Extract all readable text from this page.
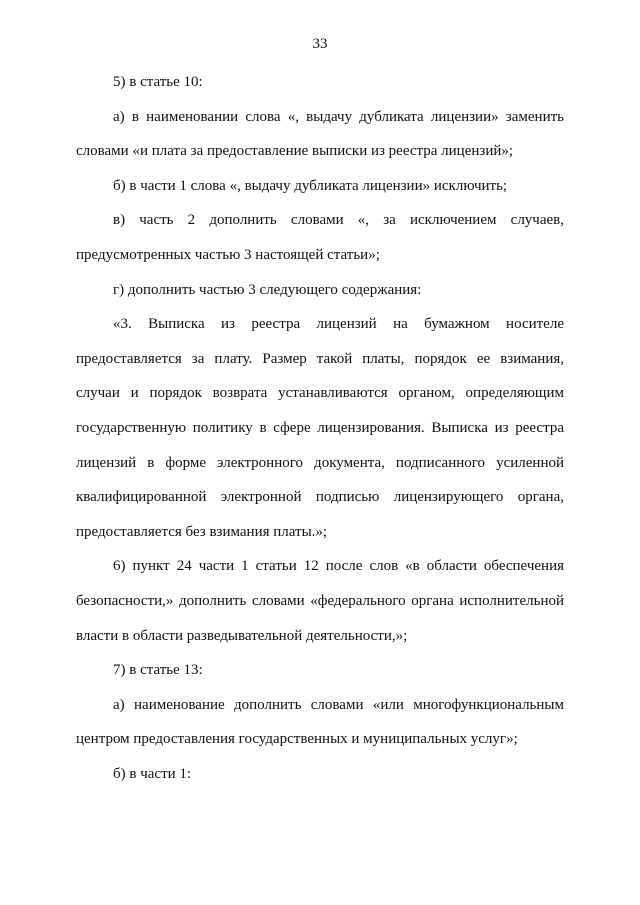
33

5) в статье 10:

а) в наименовании слова «, выдачу дубликата лицензии» заменить

словами «и плата за предоставление выписки из реестра лицензий»;

б) в части 1 слова «, выдачу дубликата лицензии» исключить;

в) часть 2 дополнить словами «, за исключением случаев,

предусмотренных частью 3 настоящей статьи»;

г) дополнить частью 3 следующего содержания:

«3. Выписка из реестра лицензий на бумажном носителе

предоставляется за плату. Размер такой платы, порядок ее взимания,

случаи и порядок возврата устанавливаются органом, определяющим

государственную политику в сфере лицензирования. Выписка из реестра

лицензий в форме электронного документа, подписанного усиленной

квалифицированной электронной подписью лицензирующего органа,

предоставляется без взимания платы.»;

6) пункт 24 части 1 статьи 12 после слов «в области обеспечения

безопасности,» дополнить словами «федерального органа исполнительной

власти в области разведывательной деятельности,»;

7) в статье 13:

а) наименование дополнить словами «или многофункциональным

центром предоставления государственных и муниципальных услуг»;

б) в части 1:
